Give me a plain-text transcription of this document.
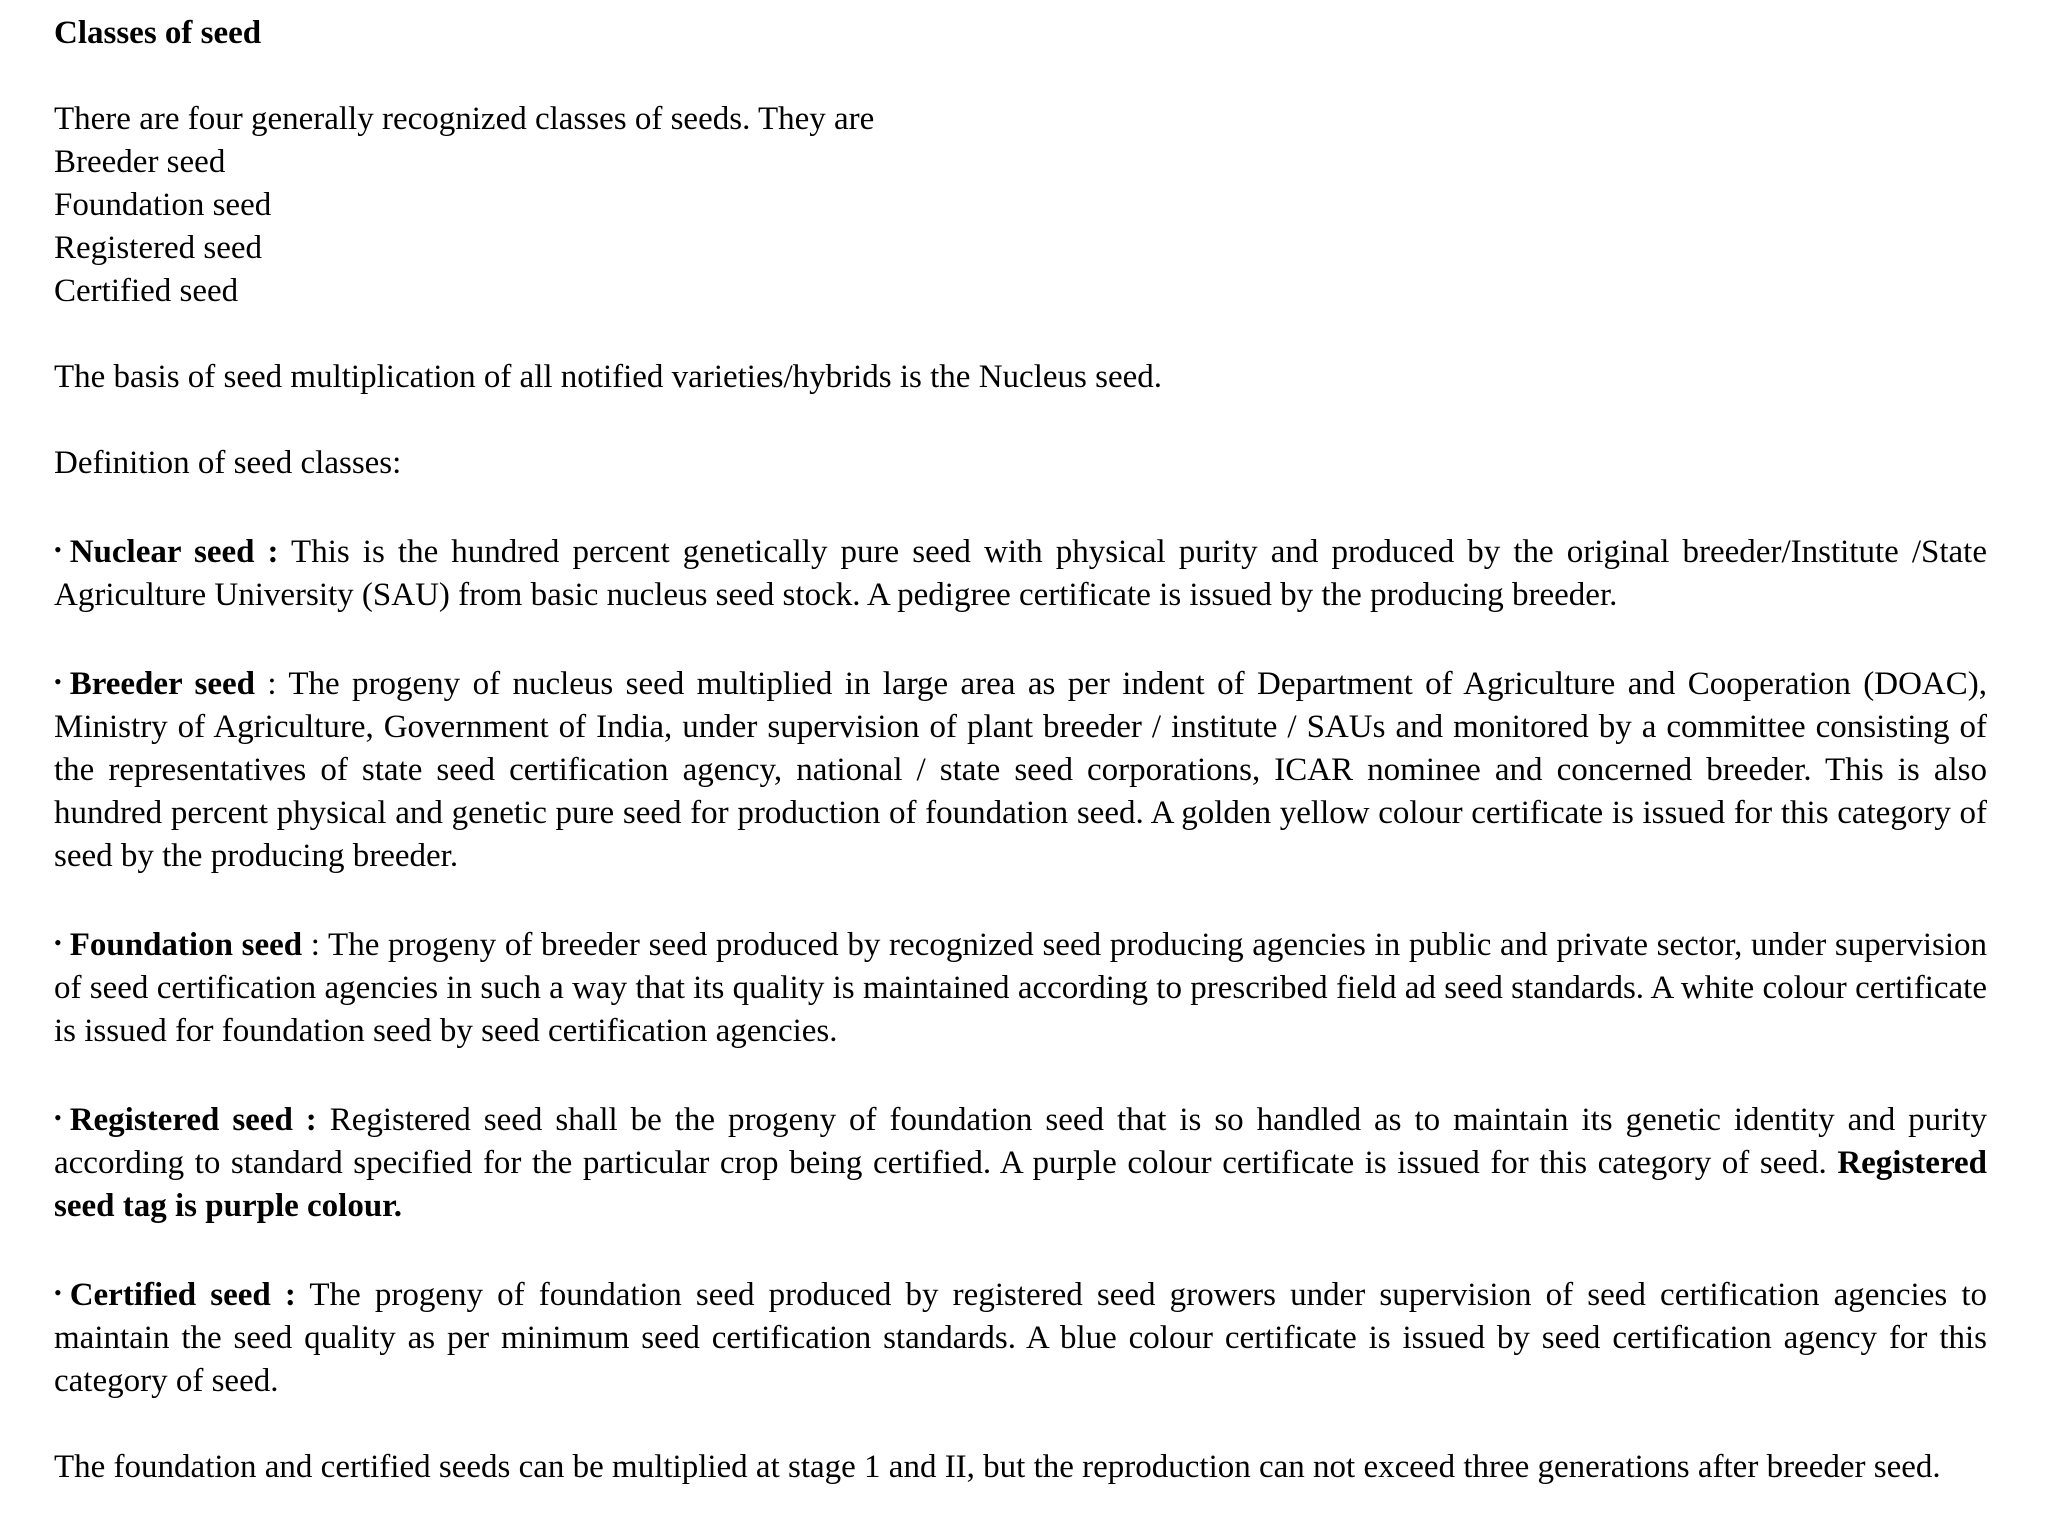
Classes of seed

There are four generally recognized classes of seeds. They are

Breeder seed

Foundation seed

Registered seed

Certified seed

The basis of seed multiplication of all notified varieties/hybrids is the Nucleus seed.

Definition of seed classes:

• Nuclear seed : This is the hundred percent genetically pure seed with physical purity and produced by the original breeder/Institute /State Agriculture University (SAU) from basic nucleus seed stock. A pedigree certificate is issued by the producing breeder.

• Breeder seed : The progeny of nucleus seed multiplied in large area as per indent of Department of Agriculture and Cooperation (DOAC), Ministry of Agriculture, Government of India, under supervision of plant breeder / institute / SAUs and monitored by a committee consisting of the representatives of state seed certification agency, national / state seed corporations, ICAR nominee and concerned breeder. This is also hundred percent physical and genetic pure seed for production of foundation seed. A golden yellow colour certificate is issued for this category of seed by the producing breeder.

• Foundation seed : The progeny of breeder seed produced by recognized seed producing agencies in public and private sector, under supervision of seed certification agencies in such a way that its quality is maintained according to prescribed field ad seed standards. A white colour certificate is issued for foundation seed by seed certification agencies.

• Registered seed : Registered seed shall be the progeny of foundation seed that is so handled as to maintain its genetic identity and purity according to standard specified for the particular crop being certified. A purple colour certificate is issued for this category of seed. Registered seed tag is purple colour.

• Certified seed : The progeny of foundation seed produced by registered seed growers under supervision of seed certification agencies to maintain the seed quality as per minimum seed certification standards. A blue colour certificate is issued by seed certification agency for this category of seed.

The foundation and certified seeds can be multiplied at stage 1 and II, but the reproduction can not exceed three generations after breeder seed.
